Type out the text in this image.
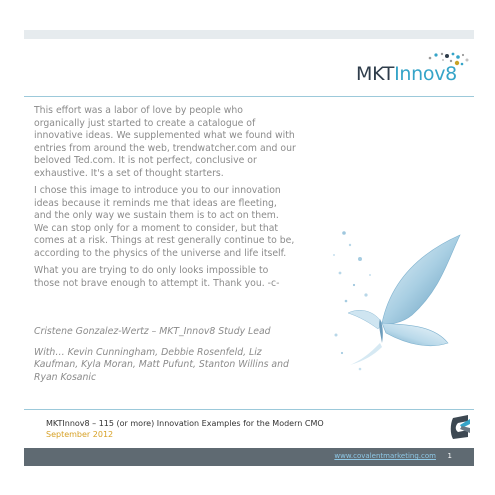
MKTInnov8

This effort was a labor of love by people who organically just started to create a catalogue of innovative ideas. We supplemented what we found with entries from around the web, trendwatcher.com and our beloved Ted.com. It is not perfect, conclusive or exhaustive. It's a set of thought starters.

I chose this image to introduce you to our innovation ideas because it reminds me that ideas are fleeting, and the only way we sustain them is to act on them. We can stop only for a moment to consider, but that comes at a risk. Things at rest generally continue to be, according to the physics of the universe and life itself.

What you are trying to do only looks impossible to those not brave enough to attempt it. Thank you. -c-

Cristene Gonzalez-Wertz – MKT_Innov8 Study Lead

With… Kevin Cunningham, Debbie Rosenfeld, Liz Kaufman, Kyla Moran, Matt Pufunt, Stanton Willins and Ryan Kosanic

MKTInnov8 – 115 (or more) Innovation Examples for the Modern CMO
September 2012
www.covalentmarketing.com 1
